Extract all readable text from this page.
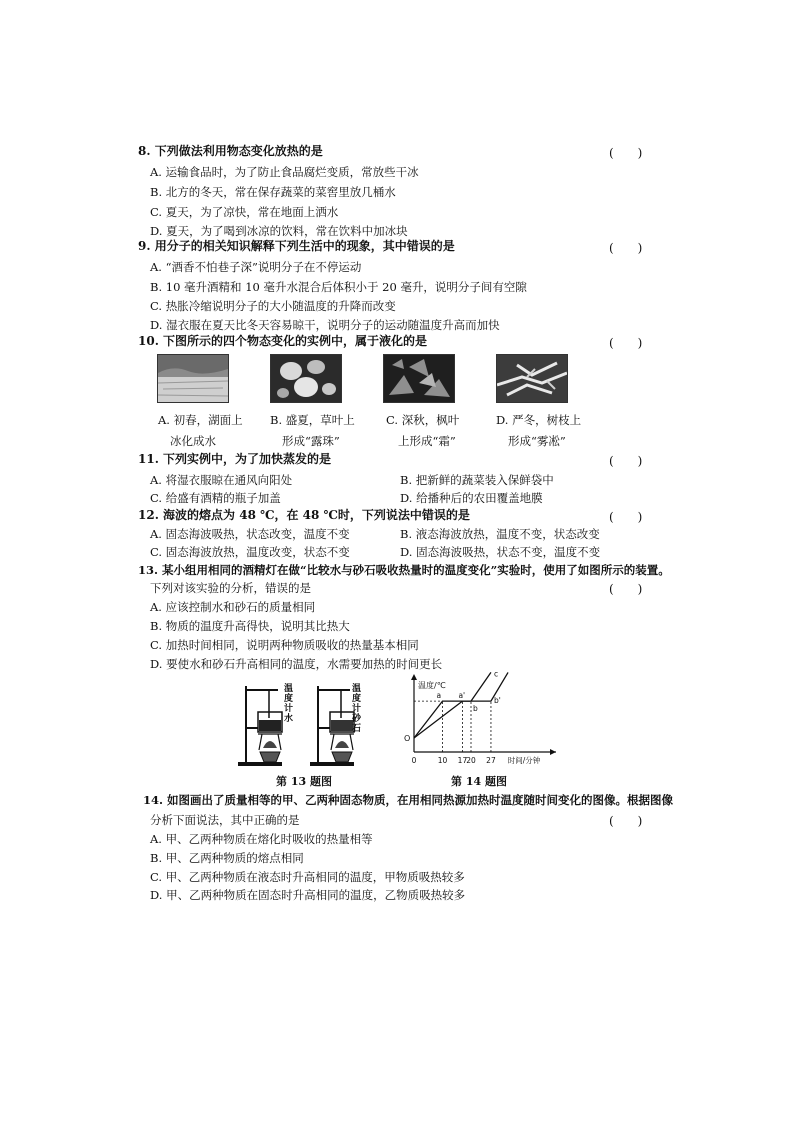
8. 下列做法利用物态变化放热的是	(　　)
A. 运输食品时，为了防止食品腐烂变质，常放些干冰
B. 北方的冬天，常在保存蔬菜的菜窖里放几桶水
C. 夏天，为了凉快，常在地面上洒水
D. 夏天，为了喝到冰凉的饮料，常在饮料中加冰块
9. 用分子的相关知识解释下列生活中的现象，其中错误的是	(　　)
A. “酒香不怕巷子深”说明分子在不停运动
B. 10 毫升酒精和 10 毫升水混合后体积小于 20 毫升，说明分子间有空隙
C. 热胀冷缩说明分子的大小随温度的升降而改变
D. 湿衣服在夏天比冬天容易晾干，说明分子的运动随温度升高而加快
10. 下图所示的四个物态变化的实例中，属于液化的是	(　　)
A. 初春，湖面上
冰化成水
B. 盛夏，草叶上
形成“露珠”
C. 深秋，枫叶
上形成“霜”
D. 严冬，树枝上
形成“雾凇”
11. 下列实例中，为了加快蒸发的是	(　　)
A. 将湿衣服晾在通风向阳处	B. 把新鲜的蔬菜装入保鲜袋中
C. 给盛有酒精的瓶子加盖	D. 给播种后的农田覆盖地膜
12. 海波的熔点为 48 ℃，在 48 ℃时，下列说法中错误的是	(　　)
A. 固态海波吸热，状态改变，温度不变	B. 液态海波放热，温度不变，状态改变
C. 固态海波放热，温度改变，状态不变	D. 固态海波吸热，状态不变，温度不变
13. 某小组用相同的酒精灯在做“比较水与砂石吸收热量时的温度变化”实验时，使用了如图所示的装置。
下列对该实验的分析，错误的是	(　　)
A. 应该控制水和砂石的质量相同
B. 物质的温度升高得快，说明其比热大
C. 加热时间相同，说明两种物质吸收的热量基本相同
D. 要使水和砂石升高相同的温度，水需要加热的时间更长
温
度
计
水
温
度
计
砂
石
第 13 题图
温度/℃
时间/分钟
0	10 17 20 27
O
a
b
c
a'
b'
第 14 题图
14. 如图画出了质量相等的甲、乙两种固态物质，在用相同热源加热时温度随时间变化的图像。根据图像
分析下面说法，其中正确的是	(　　)
A. 甲、乙两种物质在熔化时吸收的热量相等
B. 甲、乙两种物质的熔点相同
C. 甲、乙两种物质在液态时升高相同的温度，甲物质吸热较多
D. 甲、乙两种物质在固态时升高相同的温度，乙物质吸热较多
